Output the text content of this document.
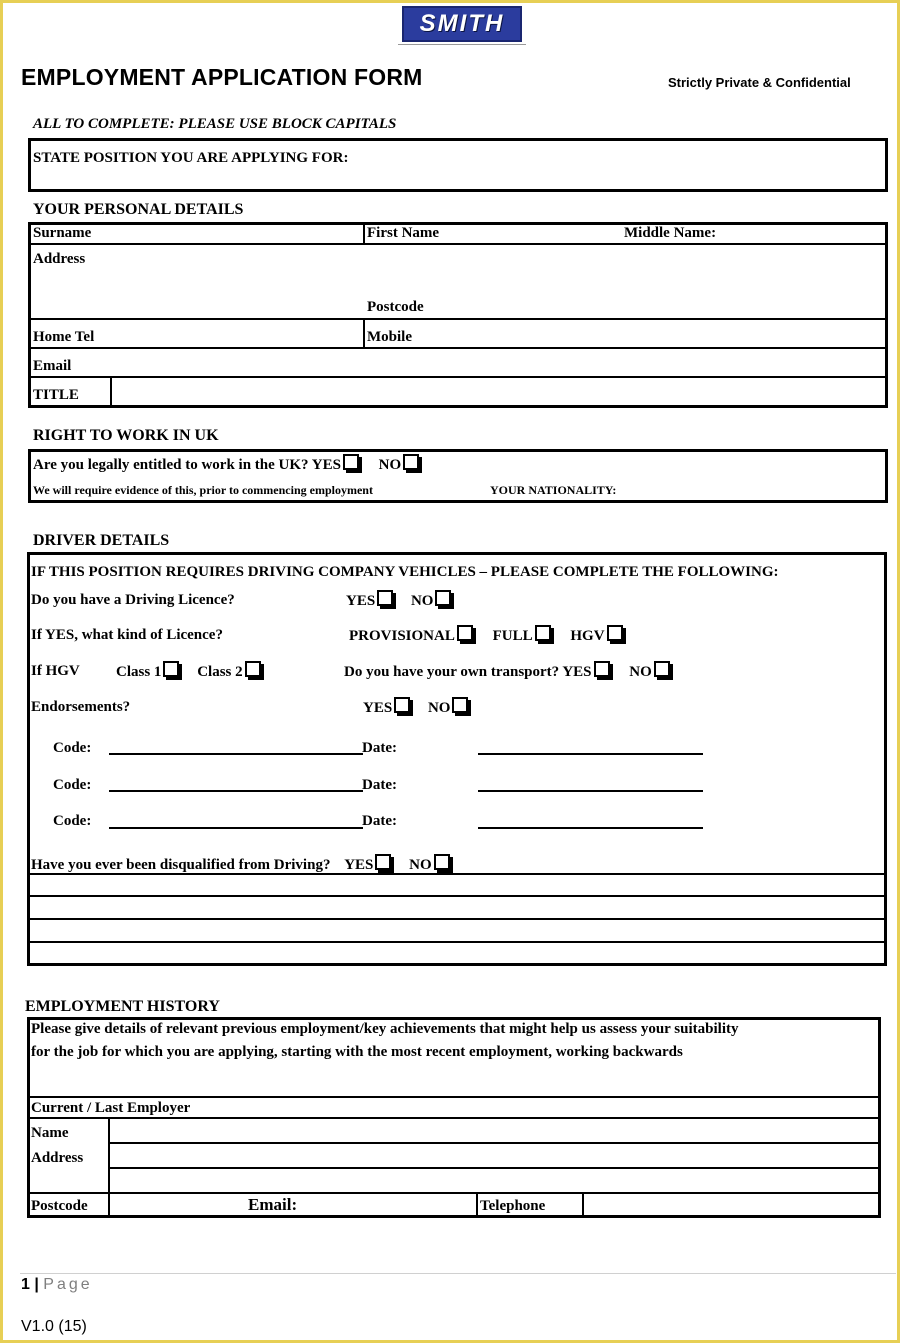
SMITH
EMPLOYMENT APPLICATION FORM	Strictly Private & Confidential
ALL TO COMPLETE: PLEASE USE BLOCK CAPITALS
STATE POSITION YOU ARE APPLYING FOR:
YOUR PERSONAL DETAILS
Surname	First Name	Middle Name:
Address
Postcode
Home Tel	Mobile
Email
TITLE
RIGHT TO WORK IN UK
Are you legally entitled to work in the UK? YES	NO
We will require evidence of this, prior to commencing employment	YOUR NATIONALITY:
DRIVER DETAILS
IF THIS POSITION REQUIRES DRIVING COMPANY VEHICLES – PLEASE COMPLETE THE FOLLOWING:
Do you have a Driving Licence?	YES NO
If YES, what kind of Licence?	PROVISIONAL	FULL	HGV
If HGV Class 1 Class 2	Do you have your own transport? YES	NO
Endorsements?	YES NO
Code:	Date:
Code:	Date:
Code:	Date:
Have you ever been disqualified from Driving? YES NO
EMPLOYMENT HISTORY
Please give details of relevant previous employment/key achievements that might help us assess your suitability
for the job for which you are applying, starting with the most recent employment, working backwards
Current / Last Employer
Name
Address
Postcode	Email:	Telephone
1 | Page
V1.0 (15)
